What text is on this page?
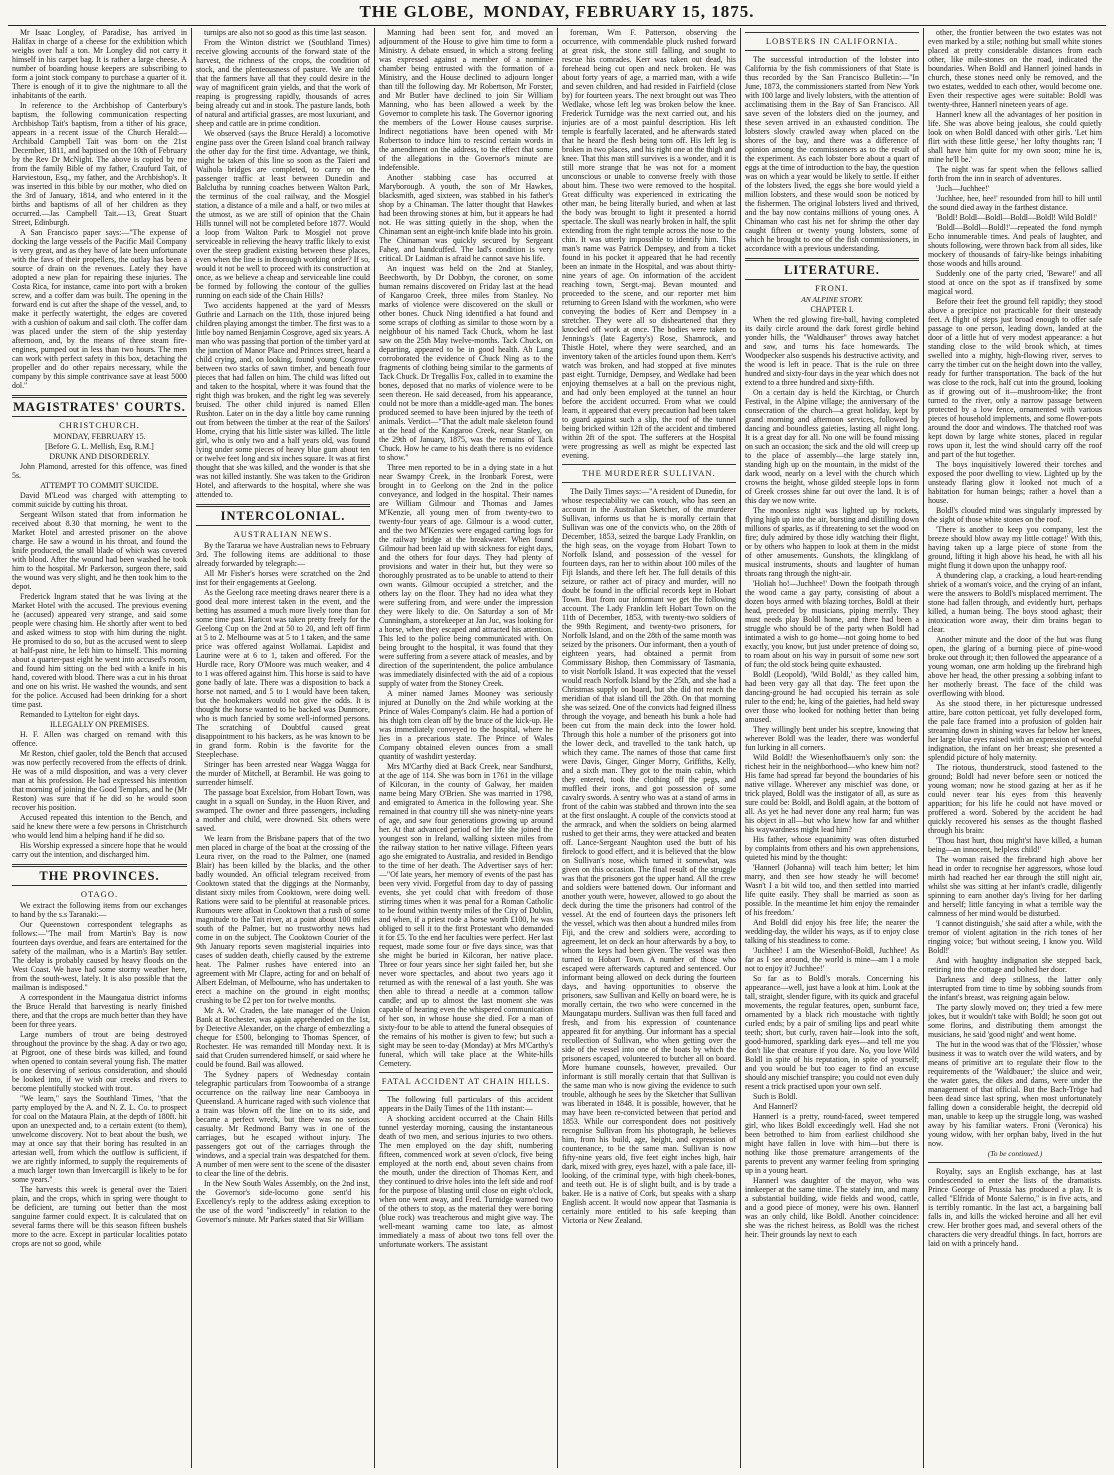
THE GLOBE, MONDAY, FEBRUARY 15, 1875.

Mr Isaac Longley, of Paradise, has arrived in Halifax in charge of a cheese for the exhibition which weighs over half a ton. Mr Longley did not carry it himself in his carpet bag. It is rather a large cheese. A number of boarding house keepers are subscribing to form a joint stock company to purchase a quarter of it. There is enough of it to give the nightmare to all the inhabitants of the earth.

In reference to the Archbishop of Canterbury's baptism, the following communication respecting Archbishop Tait's baptism, from a tither of his grace, appears in a recent issue of the Church Herald:—Archibald Campbell Tait was born on the 21st December, 1811, and baptised on the 10th of February by the Rev Dr McNight. The above is copied by me from the family Bible of my father, Craufurd Tait, of Harviestoun, Esq., my father, and the Archbishop's. It was inserted in this bible by our mother, who died on the 3rd of January, 1814, and who entered in it the births and baptisms of all of her children as they occurred.—Jas Campbell Tait.—13, Great Stuart Street, Edinburgh.

A San Francisco paper says:—"The expense of docking the large vessels of the Pacific Mail Company is very great, and as they have of late been unfortunate with the favs of their propellers, the outlay has been a source of drain on the revenues. Lately they have adopted a new plan for repairing these injuries. The Costa Rica, for instance, came into port with a broken screw, and a coffer dam was built. The opening in the forward end is cut after the shape of the vessel, and, to make it perfectly watertight, the edges are covered with a cushion of oakum and sail cloth. The coffer dam was placed under the stern of the ship yesterday afternoon, and, by the means of three steam fire-engines, pumped out in less than two hours. The men can work with perfect safety in this box, detaching the propeller and do other repairs necessary, while the company by this simple contrivance save at least 5000 dol."

MAGISTRATES' COURTS.
CHRISTCHURCH.
MONDAY, FEBRUARY 15.
[Before G. L. Mellish, Esq, R.M.]
DRUNK AND DISORDERLY.

John Plamond, arrested for this offence, was fined 5s.

ATTEMPT TO COMMIT SUICIDE.

David M'Leod was charged with attempting to commit suicide by cutting his throat.

Sergeant Wilson stated that from information he received about 8.30 that morning, he went to the Market Hotel and arrested prisoner on the above charge. He saw a wound in his throat, and found the knife produced, the small blade of which was covered with blood. After the wound had been washed he took him to the hospital. Mr Parkerson, surgeon there, said the wound was very slight, and he then took him to the depot.

Frederick Ingram stated that he was living at the Market Hotel with the accused. The previous evening he (accused) appeared very strange, and said some people were chasing him. He shortly after went to bed and asked witness to stop with him during the night. He promised to do so, but as the accused went to sleep at half-past nine, he left him to himself. This morning about a quarter-past eight he went into accused's room, and found him sitting on the bed with a knife in his hand, covered with blood. There was a cut in his throat and one on his wrist. He washed the wounds, and sent for the police. Accused had been drinking for a short time past.

Remanded to Lyttelton for eight days.

ILLEGALLY ON PREMISES.

H. F. Allen was charged on remand with this offence.

Mr Reston, chief gaoler, told the Bench that accused was now perfectly recovered from the effects of drink. He was of a mild disposition, and was a very clever man at his profession. He had expressed his intention that morning of joining the Good Templars, and he (Mr Reston) was sure that if he did so he would soon recover his position.

Accused repeated this intention to the Bench, and said he knew there were a few persons in Christchurch who would lend him a helping hand if he did so.

His Worship expressed a sincere hope that he would carry out the intention, and discharged him.

THE PROVINCES.
OTAGO.

We extract the following items from our exchanges to hand by the s.s Taranaki:—

Our Queenstown correspondent telegraphs as follows:—"The mail from Martin's Bay is now fourteen days overdue, and fears are entertained for the safety of the mailman, who is a Martin's Bay settler. The delay is probably caused by heavy floods on the West Coast. We have had some stormy weather here, from the south-west, lately. It is also possible that the mailman is indisposed."

A correspondent in the Maungatua district informs the Bruce Herald that harvesting is nearly finished there, and that the crops are much better than they have been for three years.

Large numbers of trout are being destroyed throughout the province by the shag. A day or two ago, at Pigroot, one of these birds was killed, and found when opened to contain several young fish. The matter is one deserving of serious consideration, and should be looked into, if we wish our creeks and rivers to become plentifully stocked with trout.

"We learn," says the Southland Times, "that the party employed by the A. and N. Z. L. Co. to prospect for coal on the Mataura Plain, at the depth of 180ft. hit upon an unexpected and, to a certain extent (to them), unwelcome discovery. Not to beat about the bush, we may at once say that their boring has resulted in an artesian well, from which the outflow is sufficient, if we are rightly informed, to supply the requirements of a much larger town than Invercargill is likely to be for some years."

The harvests this week is general over the Taieri plain, and the crops, which in spring were thought to be deficient, are turning out better than the most sanguine farmer could expect. It is calculated that on several farms there will be this season fifteen bushels more to the acre. Except in particular localities potato crops are not so good, while

turnips are also not so good as this time last season.

From the Winton district we (Southland Times) receive glowing accounts of the forward state of the harvest, the richness of the crops, the condition of stock, and the plenteousness of pasture. We are told that the farmers have all that they could desire in the way of magnificent grain yields, and that the work of reaping is progressing rapidly, thousands of acres being already cut and in stook. The pasture lands, both of natural and artificial grasses, are most luxuriant, and sheep and cattle are in prime condition.

We observed (says the Bruce Herald) a locomotive engine pass over the Green Island coal branch railway the other day for the first time. Advantage, we think, might be taken of this line so soon as the Taieri and Waihola bridges are completed, to carry on the passenger traffic at least between Dunedin and Balclutha by running coaches between Walton Park, the terminus of the coal railway, and the Mosgiel station, a distance of a mile and a half, or two miles at the utmost, as we are still of opinion that the Chain Hills tunnel will not be completed before 1877. Would a loop from Walton Park to Mosgiel not prove serviceable in relieving the heavy traffic likely to exist over the steep gradient existing between these places, even when the line is in thorough working order? If so, would it not be well to proceed with its construction at once, as we believe a cheap and serviceable line could be formed by following the contour of the gullies running on each side of the Chain Hills?

Two accidents happened at the yard of Messrs Guthrie and Larnach on the 11th, those injured being children playing amongst the timber. The first was to a little boy named Benjamin Cosgrove, aged six years. A man who was passing that portion of the timber yard at the junction of Manor Place and Princes street, heard a child crying, and, on looking, found young Cosgrove between two stacks of sawn timber, and beneath four pieces that had fallen on him. The child was lifted out and taken to the hospital, where it was found that the right thigh was broken, and the right leg was severely bruised. The other child injured is named Ellen Rushton. Later on in the day a little boy came running out from between the timber at the rear of the Sailors' Home, crying that his little sister was killed. The little girl, who is only two and a half years old, was found lying under some pieces of heavy blue gum about ten or twelve feet long and six inches square. It was at first thought that she was killed, and the wonder is that she was not killed instantly. She was taken to the Gridiron Hotel, and afterwards to the hospital, where she was attended to.

INTERCOLONIAL.
AUSTRALIAN NEWS.

By the Tararua we have Australian news to February 3rd. The following items are additional to those already forwarded by telegraph:—

All Mr Fisher's horses were scratched on the 2nd inst for their engagements at Geelong.

As the Geelong race meeting draws nearer there is a good deal more interest taken in the event, and the betting has assumed a much more lively tone than for some time past. Haricot was taken pretty freely for the Geelong Cup on the 2nd at 50 to 20, and left off firm at 5 to 2. Melbourne was at 5 to 1 taken, and the same price was offered against Wollamai. Lapidist and Laurine were at 6 to 1, taken and offered. For the Hurdle race, Rory O'Moore was much weaker, and 4 to 1 was offered against him. This horse is said to have gone badly of late. There was a disposition to back a horse not named, and 5 to 1 would have been taken, but the bookmakers would not give the odds. It is thought the horse wanted to be backed was Dunmore, who is much fancied by some well-informed persons. The scratching of Doubtful caused great disappointment to his backers, as he was known to be in grand form. Robin is the favorite for the Steeplechase.

Stringer has been arrested near Wagga Wagga for the murder of Mitchell, at Berambil. He was going to surrender himself.

The passage boat Excelsior, from Hobart Town, was caught in a squall on Sunday, in the Huon River, and swamped. The owner and three passengers, including a mother and child, were drowned. Six others were saved.

We learn from the Brisbane papers that of the two men placed in charge of the boat at the crossing of the Leura river, on the road to the Palmer, one (named Blair) has been killed by the blacks, and the other badly wounded. An official telegram received from Cooktown stated that the diggings at the Normanby, distant sixty miles from Cooktown, were doing well. Rations were said to be plentiful at reasonable prices. Rumours were afloat in Cooktown that a rush of some magnitude to the Tait river, at a point about 100 miles south of the Palmer, but no trustworthy news had come in on the subject. The Cooktown Courier of the 9th January reports seven magisterial inquiries into cases of sudden death, chiefly caused by the extreme heat. The Palmer rushes have entered into an agreement with Mr Clapre, acting for and on behalf of Albert Edelman, of Melbourne, who has undertaken to erect a machine on the ground in eight months; crushing to be £2 per ton for twelve months.

Mr A. W. Craden, the late manager of the Union Bank at Rochester, was again apprehended on the 1st, by Detective Alexander, on the charge of embezzling a cheque for £500, belonging to Thomas Spencer, of Rochester. He was remanded till Monday next. It is said that Cruden surrendered himself, or said where he could be found. Bail was allowed.

The Sydney papers of Wednesday contain telegraphic particulars from Toowoomba of a strange occurrence on the railway line near Cambooya in Queensland. A hurricane raged with such violence that a train was blown off the line on to its side, and became a perfect wreck, but there was no serious casualty. Mr Redmond Barry was in one of the carriages, but he escaped without injury. The passengers got out of the carriages through the windows, and a special train was despatched for them. A number of men were sent to the scene of the disaster to clear the line of the debris.

In the New South Wales Assembly, on the 2nd inst, the Governor's side-locomo gone sent'd his Excellency's reply to the address asking exception to the use of the word "indiscreetly" in relation to the Governor's minute. Mr Parkes stated that Sir William

Manning had been sent for, and moved an adjournment of the House to give him time to form a Ministry. A debate ensued, in which a strong feeling was expressed against a member of a nominee chamber being entrusted with the formation of a Ministry, and the House declined to adjourn longer than till the following day. Mr Robertson, Mr Forster, and Mr Butler have declined to join Sir William Manning, who has been allowed a week by the Governor to complete his task. The Governor ignoring the members of the Lower House causes surprise. Indirect negotiations have been opened with Mr Robertson to induce him to rescind certain words in the amendment on the address, to the effect that some of the allegations in the Governor's minute are indefensible.

Another stabbing case has occurred at Maryborough. A youth, the son of Mr Hawkes, blacksmith, aged sixteen, was stabbed in his father's shop by a Chinaman. The latter thought that Hawkes had been throwing stones at him, but it appears he had not. He was sitting quietly in the shop, when the Chinaman sent an eight-inch knife blade into his groin. The Chinaman was quickly secured by Sergeant Fahey, and handcuffed. The lad's condition is very critical. Dr Laidman is afraid he cannot save his life.

An inquest was held on the 2nd at Stanley, Beechworth, by Dr Dobbyn, the coroner, on some human remains discovered on Friday last at the head of Kangaroo Creek, three miles from Stanley. No marks of violence were discovered on the skull or other bones. Chuck Ning identified a hat found and some scraps of clothing as similar to those worn by a neighbour of his named Tack Chuck, whom he last saw on the 25th May twelve-months. Tack Chuck, on departing, appeared to be in good health. Ah Lung corroborated the evidence of Chuck Ning as to the fragments of clothing being similar to the garments of Tack Chuck. Dr Tregallis Fox, called in to examine the bones, deposed that no marks of violence were to be seen thereon. He said deceased, from his appearance, could not be more than a middle-aged man. The bones produced seemed to have been injured by the teeth of animals. Verdict—"That the adult male skeleton found at the head of the Kangaroo Creek, near Stanley, on the 29th of January, 1875, was the remains of Tack Chuck. How he came to his death there is no evidence to show."

Three men reported to be in a dying state in a hut near Swampy Creek, in the Ironbark Forest, were brought in to Geelong on the 2nd in the police conveyance, and lodged in the hospital. Their names are William Gilmour and Thomas and James M'Kenzie, all young men of from twenty-two to twenty-four years of age. Gilmour is a wood cutter, and the two M'Kenzies were engaged carting logs for the railway bridge at the breakwater. When found Gilmour had been laid up with sickness for eight days, and the others for four days. They had plenty of provisions and water in their hut, but they were so thoroughly prostrated as to be unable to attend to their own wants. Gilmour occupied a stretcher, and the others lay on the floor. They had no idea what they were suffering from, and were under the impression they were likely to die. On Saturday a son of Mr Cunningham, a storekeeper at Jan Juc, was looking for a horse, when they escaped and attracted his attention. This led to the police being communicated with. On being brought to the hospital, it was found that they were suffering from a severe attack of measles, and by direction of the superintendent, the police ambulance was immediately disinfected with the aid of a copious supply of water from the Stoney Creek.

A miner named James Mooney was seriously injured at Dunolly on the 2nd while working at the Prince of Wales Company's claim. He had a portion of his thigh torn clean off by the bruce of the kick-up. He was immediately conveyed to the hospital, where he lies in a precarious state. The Prince of Wales Company obtained eleven ounces from a small quantity of washdirt yesterday.

Mrs M'Carthy died at Back Creek, near Sandhurst, at the age of 114. She was born in 1761 in the village of Kilcoran, in the county of Galway, her maiden name being Mary O'Brien. She was married in 1798, and emigrated to America in the following year. She remained in that country till she was ninety-nine years of age, and saw four generations growing up around her. At that advanced period of her life she joined the youngest son in Ireland, walking sixteen miles from the railway station to her native village. Fifteen years ago she emigrated to Australia, and resided in Bendigo to the time of her death. The Advertiser says of her:—"Of late years, her memory of events of the past has been very vivid. Forgetful from day to day of passing events, she yet could chat with freedom of those stirring times when it was penal for a Roman Catholic to be found within twenty miles of the City of Dublin, and when, if a priest rode a horse worth £100, he was obliged to sell it to the first Protestant who demanded it for £5. To the end her faculties were perfect. Her last request, made some four or five days since, was that she might be buried in Kilcoran, her native place. Three or four years since her sight failed her, but she never wore spectacles, and about two years ago it returned as with the renewal of a last youth. She was then able to thread a needle at a common tallow candle; and up to almost the last moment she was capable of hearing even the whispered communication of her son, in whose house she died. For a man of sixty-four to be able to attend the funeral obsequies of the remains of his mother is given to few; but such a sight may be seen to-day (Monday) at Mrs M'Carthy's funeral, which will take place at the White-hills Cemetery.

FATAL ACCIDENT AT CHAIN HILLS.

The following full particulars of this accident appears in the Daily Times of the 11th instant:—

A shocking accident occurred at the Chain Hills tunnel yesterday morning, causing the instantaneous death of two men, and serious injuries to two others. The men employed on the day shift, numbering fifteen, commenced work at seven o'clock, five being employed at the north end, about seven chains from the mouth, under the direction of Thomas Kerr, and they continued to drive holes into the left side and roof for the purpose of blasting until close on eight o'clock, when one went away, and Fred. Turnidge warned two of the others to stop, as the material they were boring (blue rock) was treacherous and might give way. The well-meant warning came too late, as almost immediately a mass of about two tons fell over the unfortunate workers. The assistant

foreman, Wm F. Patterson, observing the occurrence, with commendable pluck rushed forward at great risk, the stone still falling, and sought to rescue his comrades. Kerr was taken out dead, his forehead being cut open and neck broken. He was about forty years of age, a married man, with a wife and seven children, and had resided in Fairfield (close by) for fourteen years. The next brought out was Theo Wedlake, whose left leg was broken below the knee. Frederick Turnidge was the next carried out, and his injuries are of a most painful description. His left temple is fearfully lacerated, and he afterwards stated that he heard the flesh being torn off. His left leg is broken in two places, and his right one at the thigh and knee. That this man still survives is a wonder, and it is still more strange that he was not for a moment unconscious or unable to converse freely with those about him. These two were removed to the hospital. Great difficulty was experienced in extricating the other man, he being literally buried, and when at last the body was brought to light it presented a horrid spectacle. The skull was nearly broken in half, the split extending from the right temple across the nose to the chin. It was utterly impossible to identify him. This man's name was Patrick Dempsey, and from a ticket found in his pocket it appeared that he had recently been an inmate in the Hospital, and was about thirty-nine years of age. On information of the accident reaching town, Sergt.-maj. Bevan mounted and proceeded to the scene, and our reporter met him returning to Green Island with the workmen, who were conveying the bodies of Kerr and Dempsey in a stretcher. They were all so disheartened that they knocked off work at once. The bodies were taken to Jennings's (late Eagerty's) Rose, Shamrock, and Thistle Hotel, where they were searched, and an inventory taken of the articles found upon them. Kerr's watch was broken, and had stopped at five minutes past eight. Turnidge, Dempsey, and Wedlake had been enjoying themselves at a ball on the previous night, and had only been employed at the tunnel an hour before the accident occurred. From what we could learn, it appeared that every precaution had been taken to guard against such a slip, the roof of the tunnel being bricked within 12ft of the accident and timbered within 2ft of the spot. The sufferers at the Hospital were progressing as well as might be expected last evening.

THE MURDERER SULLIVAN.

The Daily Times says:—"A resident of Dunedin, for whose respectability we can vouch, who has seen an account in the Australian Sketcher, of the murderer Sullivan, informs us that he is morally certain that Sullivan was one of the convicts who, on the 28th of December, 1853, seized the barque Lady Franklin, on the high seas, on the voyage from Hobart Town to Norfolk Island, and possession of the vessel for fourteen days, ran her to within about 100 miles of the Fiji Islands, and there left her. The full details of this seizure, or rather act of piracy and murder, will no doubt be found in the official records kept in Hobart Town. But from our informant we get the following account. The Lady Franklin left Hobart Town on the 11th of December, 1853, with twenty-two soldiers of the 99th Regiment, and twenty-two prisoners, for Norfolk Island, and on the 28th of the same month was seized by the prisoners. Our informant, then a youth of eighteen years, had obtained a permit from Commissary Bishop, then Commissary of Tasmania, to visit Norfolk Island. It was expected that the vessel would reach Norfolk Island by the 25th, and she had a Christmas supply on board, but she did not reach the meridian of that island till the 28th. On that morning she was seized. One of the convicts had feigned illness through the voyage, and beneath his bunk a hole had been cut from the main deck into the lower hold. Through this hole a number of the prisoners got into the lower deck, and travelled to the tank hatch, up which they came. The names of those that came first were Davis, Ginger, Ginger Morry, Griffiths, Kelly, and a sixth man. They got to the main cabin, which they entered, took the clothing off the pegs, and muffled their irons, and got possession of some cavalry swords. A sentry who was at a stand of arms in front of the cabin was stabbed and thrown into the sea at the first onslaught. A couple of the convicts stood at the armrack, and when the soldiers on being alarmed rushed to get their arms, they were attacked and beaten off. Lance-Sergeant Naughton used the butt of his firelock to good effect, and it is believed that the blow on Sullivan's nose, which turned it somewhat, was given on this occasion. The final result of the struggle was that the prisoners got the upper hand. All the crew and soldiers were battened down. Our informant and another youth were, however, allowed to go about the deck during the time the prisoners had control of the vessel. At the end of fourteen days the prisoners left the vessel, which was then about a hundred miles from Fiji, and the crew and soldiers were, according to agreement, let on deck an hour afterwards by a boy, to whom the keys had been given. The vessel was then turned to Hobart Town. A number of those who escaped were afterwards captured and sentenced. Our informant being allowed on deck during the fourteen days, and having opportunities to observe the prisoners, saw Sullivan and Kelly on board were, he is morally certain, the two who were concerned in the Maungatapu murders. Sullivan was then full faced and fresh, and from his expression of countenance appeared fit for anything. Our informant has a special recollection of Sullivan, who when getting over the side of the vessel into one of the boats by which the prisoners escaped, volunteered to butcher all on board. More humane counsels, however, prevailed. Our informant is still morally certain that that Sullivan is the same man who is now giving the evidence to such trouble, although he sees by the Sketcher that Sullivan was liberated in 1848. It is possible, however, that he may have been re-convicted between that period and 1853. While our correspondent does not positively recognise Sullivan from his photograph, he believes him, from his build, age, height, and expression of countenance, to be the same man. Sullivan is now fifty-nine years old, five feet eight inches high, hair dark, mixed with grey, eyes hazel, with a pale face, ill-looking, of the criminal type, with high cheek-bones, and teeth out. He is of slight built, and is by trade a baker. He is a native of Cork, but speaks with a sharp English accent. It would now appear that Tasmania is certainly more entitled to his safe keeping than Victoria or New Zealand.

LOBSTERS IN CALIFORNIA.

The successful introduction of the lobster into California by the fish commissioners of that State is thus recorded by the San Francisco Bulletin:—"In June, 1873, the commissioners started from New York with 100 large and lively lobsters, with the attention of acclimatising them in the Bay of San Francisco. All save seven of the lobsters died on the journey, and these seven arrived in an exhausted condition. The lobsters slowly crawled away when placed on the shores of the bay, and there was a difference of opinion among the commissioners as to the result of the experiment. As each lobster bore about a quart of eggs at the time of introduction to the bay, the question was on which a year would be likely to settle. If either of the lobsters lived, the eggs she bore would yield a million lobsters, and these would soon be noticed by the fishermen. The original lobsters lived and thrived, and the bay now contains millions of young ones. A Chinaman who cast his net for shrimp the other day caught fifteen or twenty young lobsters, some of which he brought to one of the fish commissioners, in accordance with a previous understanding.

LITERATURE.
FRONI.
AN ALPINE STORY.
CHAPTER I.

When the red glowing fire-ball, having completed its daily circle around the dark forest girdle behind yonder hills, the "Waldhauser" throws away hatchet and saw, and turns his face homewards. The Woodpecker also suspends his destructive activity, and the wood is left in peace. That is the rule on three hundred and sixty-four days in the year which does not extend to a three hundred and sixty-fifth.

On a certain day is held the Kirchtag, or Church Festival, in the Alpine village; the anniversary of the consecration of the church—a great holiday, kept by grand morning and afternoon services, followed by dancing and boundless gaieties, lasting all night long. It is a great day for all. No one will be found missing on such an occasion; the sick and the old will creep up to the place of assembly—the large stately inn, standing high up on the mountain, in the midst of the dark wood, nearly on a level with the church which crowns the height, whose gilded steeple lops in form of Greek crosses shine far out over the land. It is of this day we now write.

The moonless night was lighted up by rockets, flying high up into the air, bursting and distilling down millions of sparks, as if threatening to set the wood on fire; duly admired by those idly watching their flight, or by others who happen to look at them in the midst of other amusements. Gunshots, the klingklang of musical instruments, shouts and laughter of human throats rang through the night-air.

'Holiah ho!—Juchhee!' Down the footpath through the wood came a gay party, consisting of about a dozen boys armed with blazing torches, Boldl at their head, preceded by musicians, piping merrily. They must needs play Boldl home, and there had been a struggle who should be of the party when Boldl had intimated a wish to go home—not going home to bed exactly, you know, but just under pretence of doing so, to roam about on his way in pursuit of some new sort of fun; the old stock being quite exhausted.

Boldl (Leopold), 'Wild Boldl,' as they called him, had been very gay all that day. The feet upon the dancing-ground he had occupied his terrain as sole ruler to the end; he, king of the gaieties, had held sway over those who looked for nothing better than being amused.

They willingly bent under his sceptre, knowing that wherever Boldl was the leader, there was wonderful fun lurking in all corners.

Wild Boldl! the Wiesenhofbauern's only son: the richest heir in the neighborhood—who knew him not? His fame had spread far beyond the boundaries of his native village. Wherever any mischief was done, or trick played, Boldl was the instigator of all, as sure as sure could be: Boldl, and Boldl again, at the bottom of all. As yet he had never done any real harm; fun was his object in all—but who knew how far and whither his waywardness might lead him?

His father, whose equanimity was often disturbed by complaints from others and his own apprehensions, quieted his mind by the thought:

'Hannerl (Johanna) will teach him better; let him marry, and then see how steady he will become! Wasn't I a bit wild too, and then settled into married life quite easily. They shall be married as soon as possible. In the meantime let him enjoy the remainder of his freedom.'

And Boldl did enjoy his free life; the nearer the wedding-day, the wilder his ways, as if to enjoy close talking of his steadiness to come.

'Juchhee! I am the Wiesenhof-Boldl, Juchhee! As far as I see around, the world is mine—am I a mole not to enjoy it? Juchhee!'

So far as to Boldl's morals. Concerning his appearance—well, just have a look at him. Look at the tall, straight, slender figure, with its quick and graceful movements, the regular features, open, sunburnt face, ornamented by a black rich moustache with tightly curled ends; by a pair of smiling lips and pearl white teeth; short, but curly, raven hair—look into the soft, good-humored, sparkling dark eyes—and tell me you don't like that creature if you dare. No, you love Wild Boldl in spite of his reputation, in spite of yourself; and you would be but too eager to find an excuse should any mischief transpire; you could not even duly resent a trick practised upon your own self.

Such is Boldl.

And Hannerl?

Hannerl is a pretty, round-faced, sweet tempered girl, who likes Boldl exceedingly well. Had she not been betrothed to him from earliest childhood she might have fallen in love with him—but there is nothing like those premature arrangements of the parents to prevent any warmer feeling from springing up in a young heart.

Hannerl was daughter of the mayor, who was innkeeper at the same time. The stately inn, and many a substantial building, wide fields and wood, cattle, and a good piece of money, were his own. Hannerl was an only child, like Boldl. Another coincidence: she was the richest heiress, as Boldl was the richest heir. Their grounds lay next to each

other, the frontier between the two estates was not even marked by a stile; nothing but small white stones placed at pretty considerable distances from each other, like mile-stones on the road, indicated the boundaries. When Boldl and Hannerl joined hands in church, these stones need only be removed, and the two estates, wedded to each other, would become one. Even their respective ages were suitable: Boldl was twenty-three, Hannerl nineteen years of age.

Hannerl knew all the advantages of her position in life. She was above being jealous, she could quietly look on when Boldl danced with other girls. 'Let him flirt with these little geese,' her lofty thoughts ran; 'I shall have him quite for my own soon; mine he is, mine he'll be.'

The night was far spent when the fellows sallied forth from the inn in search of adventures.

'Juch—Juchhee!'

'Juchhee, hee, hee!' resounded from hill to hill until the sound died away in the farthest distance.

'Boldl! Boldl—Boldl—Boldl—Boldl! Wild Boldl!'

'Boldl—Boldl—Boldl!'—repeated the fond nymph Echo innumerable times. And peals of laughter, and shouts following, were thrown back from all sides, like mockery of thousands of fairy-like beings inhabiting those woods and hills around.

Suddenly one of the party cried, 'Beware!' and all stood at once on the spot as if transfixed by some magical word.

Before their feet the ground fell rapidly; they stood above a precipice not practicable for their unsteady feet. A flight of steps just broad enough to offer safe passage to one person, leading down, landed at the door of a little hut of very modest appearance: a hut standing close to the wild brook which, at times swelled into a mighty, high-flowing river, serves to carry the timber cut on the height down into the valley, ready for further transportation. The back of the hut was close to the rock, half cut into the ground, looking as if growing out of it—mushroom-like; the front turned to the river, only a narrow passage between protected by a low fence, ornamented with various pieces of household implements, and some flower-pots around the door and windows. The thatched roof was kept down by large white stones, placed in regular rows upon it, lest the wind should carry off the roof and part of the hut together.

The boys inquisitively lowered their torches and exposed the poor dwelling to view. Lighted up by the unsteady flaring glow it looked not much of a habitation for human beings; rather a hovel than a house.

Boldl's clouded mind was singularly impressed by the sight of those white stones on the roof.

'There is another to keep you company, lest the breeze should blow away my little cottage!' With this, having taken up a large piece of stone from the ground, lifting it high above his head, he with all his might flung it down upon the unhappy roof.

A thundering clap, a cracking, a loud heart-rending shriek of a woman's voice, and the crying of an infant, were the answers to Boldl's misplaced merriment. The stone had fallen through, and evidently hurt, perhaps killed, a human being. The boys stood aghast; their intoxication wore away, their dim brains began to clear.

Another minute and the door of the hut was flung open, the glaring of a burning piece of pine-wood broke out through it; then followed the appearance of a young woman, one arm holding up the firebrand high above her head, the other pressing a sobbing infant to her motherly breast. The face of the child was overflowing with blood.

As she stood there, in her picturesque undressed attire, bare cotton petticoat, yet fully developed form, the pale face framed into a profusion of golden hair streaming down in shining waves far below her knees, her large blue eyes raised with an expression of woeful indignation, the infant on her breast; she presented a splendid picture of holy maternity.

The riotous, thunderstruck, stood fastened to the ground; Boldl had never before seen or noticed the young woman; now he stood gazing at her as if he could never tear his eyes from this heavenly apparition; for his life he could not have moved or proffered a word. Sobered by the accident he had quickly recovered his senses as the thought flashed through his brain:

'Thou hast hurt, thou might'st have killed, a human being—an innocent, helpless child!'

The woman raised the firebrand high above her head in order to recognise her aggressors, whose loud mirth had reached her ear through the still night air, whilst she was sitting at her infant's cradle, diligently spinning to earn another day's living for her darling and herself; little fancying in what a terrible way the calmness of her mind would be disturbed.

'I cannot distinguish,' she said after a while, with the tremor of violent agitation in the rich tones of her ringing voice; 'but without seeing, I know you. Wild Boldl!'

And with haughty indignation she stepped back, retiring into the cottage and bolted her door.

Darkness and deep stillness, the latter only interrupted from time to time by sobbing sounds from the infant's breast, was reigning again below.

The party slowly moved on; they tried a few mere jokes, but it wouldn't take with Boldl; he soon got out some florins, and distributing them amongst the musicians, he said 'good night' and went home.

The hut in the wood was that of the 'Flössier,' whose business it was to watch over the wild waters, and by means of primitive art to regulate their flow to the requirements of the 'Waldbauer;' the sluice and weir, the water gates, the dikes and dams, were under the management of that official. But the Bach-Tröge had been dead since last spring, when most unfortunately falling down a considerable height, the decrepid old man, unable to keep up the struggle long, was washed away by his familiar waters. Froni (Veronica) his young widow, with her orphan baby, lived in the hut now.

(To be continued.)

Royalty, says an English exchange, has at last condescended to enter the lists of the dramatists. Prince George of Prussia has produced a play. It is called "Elfrida of Monte Salerno," is in five acts, and is terribly romantic. In the last act, a bargaining ball falls in, and kills the wicked heroine and all her evil crew. Her brother goes mad, and several others of the characters die very dreadful things. In fact, horrors are laid on with a princely hand.
